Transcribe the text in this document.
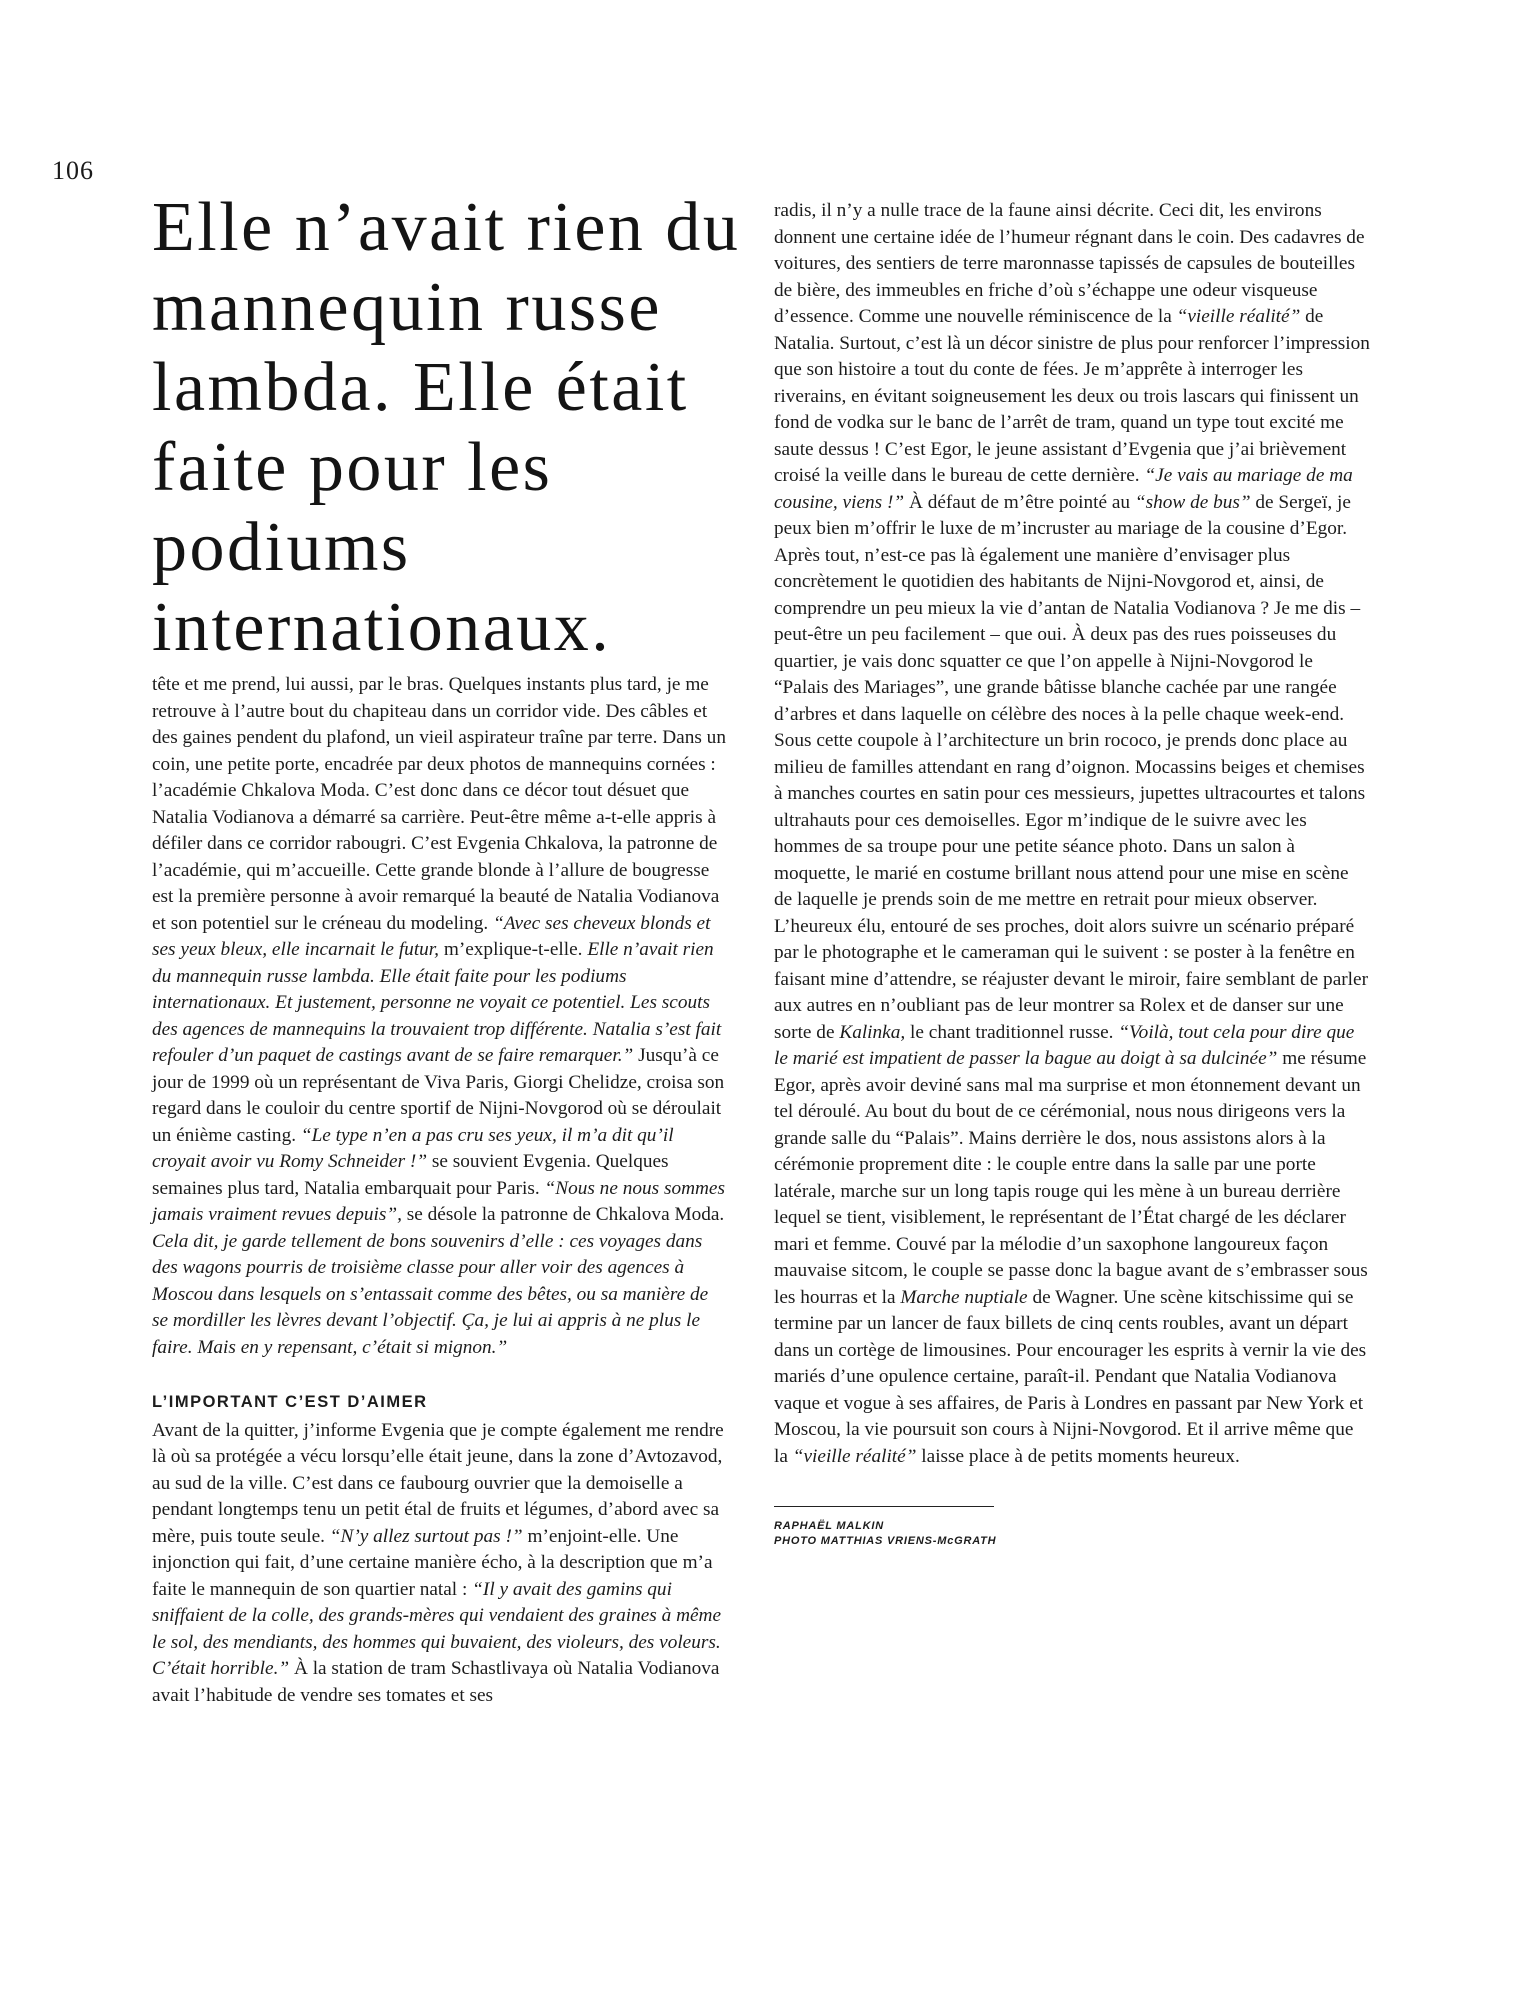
106
Elle n’avait rien du mannequin russe lambda. Elle était faite pour les podiums internationaux.

tête et me prend, lui aussi, par le bras. Quelques instants plus tard, je me retrouve à l’autre bout du chapiteau dans un corridor vide. Des câbles et des gaines pendent du plafond, un vieil aspirateur traîne par terre. Dans un coin, une petite porte, encadrée par deux photos de mannequins cornées : l’académie Chkalova Moda. C’est donc dans ce décor tout désuet que Natalia Vodianova a démarré sa carrière. Peut-être même a-t-elle appris à défiler dans ce corridor rabougri. C’est Evgenia Chkalova, la patronne de l’académie, qui m’accueille. Cette grande blonde à l’allure de bougresse est la première personne à avoir remarqué la beauté de Natalia Vodianova et son potentiel sur le créneau du modeling. “Avec ses cheveux blonds et ses yeux bleux, elle incarnait le futur, m’explique-t-elle. Elle n’avait rien du mannequin russe lambda. Elle était faite pour les podiums internationaux. Et justement, personne ne voyait ce potentiel. Les scouts des agences de mannequins la trouvaient trop différente. Natalia s’est fait refouler d’un paquet de castings avant de se faire remarquer.” Jusqu’à ce jour de 1999 où un représentant de Viva Paris, Giorgi Chelidze, croisa son regard dans le couloir du centre sportif de Nijni-Novgorod où se déroulait un énième casting. “Le type n’en a pas cru ses yeux, il m’a dit qu’il croyait avoir vu Romy Schneider !” se souvient Evgenia. Quelques semaines plus tard, Natalia embarquait pour Paris. “Nous ne nous sommes jamais vraiment revues depuis”, se désole la patronne de Chkalova Moda. Cela dit, je garde tellement de bons souvenirs d’elle : ces voyages dans des wagons pourris de troisième classe pour aller voir des agences à Moscou dans lesquels on s’entassait comme des bêtes, ou sa manière de se mordiller les lèvres devant l’objectif. Ça, je lui ai appris à ne plus le faire. Mais en y repensant, c’était si mignon.”

L’IMPORTANT C’EST D’AIMER

Avant de la quitter, j’informe Evgenia que je compte également me rendre là où sa protégée a vécu lorsqu’elle était jeune, dans la zone d’Avtozavod, au sud de la ville. C’est dans ce faubourg ouvrier que la demoiselle a pendant longtemps tenu un petit étal de fruits et légumes, d’abord avec sa mère, puis toute seule. “N’y allez surtout pas !” m’enjoint-elle. Une injonction qui fait, d’une certaine manière écho, à la description que m’a faite le mannequin de son quartier natal : “Il y avait des gamins qui sniffaient de la colle, des grands-mères qui vendaient des graines à même le sol, des mendiants, des hommes qui buvaient, des violeurs, des voleurs. C’était horrible.” À la station de tram Schastlivaya où Natalia Vodianova avait l’habitude de vendre ses tomates et ses

radis, il n’y a nulle trace de la faune ainsi décrite. Ceci dit, les environs donnent une certaine idée de l’humeur régnant dans le coin. Des cadavres de voitures, des sentiers de terre maronnasse tapissés de capsules de bouteilles de bière, des immeubles en friche d’où s’échappe une odeur visqueuse d’essence. Comme une nouvelle réminiscence de la “vieille réalité” de Natalia. Surtout, c’est là un décor sinistre de plus pour renforcer l’impression que son histoire a tout du conte de fées. Je m’apprête à interroger les riverains, en évitant soigneusement les deux ou trois lascars qui finissent un fond de vodka sur le banc de l’arrêt de tram, quand un type tout excité me saute dessus ! C’est Egor, le jeune assistant d’Evgenia que j’ai brièvement croisé la veille dans le bureau de cette dernière. “Je vais au mariage de ma cousine, viens !” À défaut de m’être pointé au “show de bus” de Sergeï, je peux bien m’offrir le luxe de m’incruster au mariage de la cousine d’Egor. Après tout, n’est-ce pas là également une manière d’envisager plus concrètement le quotidien des habitants de Nijni-Novgorod et, ainsi, de comprendre un peu mieux la vie d’antan de Natalia Vodianova ? Je me dis – peut-être un peu facilement – que oui. À deux pas des rues poisseuses du quartier, je vais donc squatter ce que l’on appelle à Nijni-Novgorod le “Palais des Mariages”, une grande bâtisse blanche cachée par une rangée d’arbres et dans laquelle on célèbre des noces à la pelle chaque week-end. Sous cette coupole à l’architecture un brin rococo, je prends donc place au milieu de familles attendant en rang d’oignon. Mocassins beiges et chemises à manches courtes en satin pour ces messieurs, jupettes ultracourtes et talons ultrahauts pour ces demoiselles. Egor m’indique de le suivre avec les hommes de sa troupe pour une petite séance photo. Dans un salon à moquette, le marié en costume brillant nous attend pour une mise en scène de laquelle je prends soin de me mettre en retrait pour mieux observer. L’heureux élu, entouré de ses proches, doit alors suivre un scénario préparé par le photographe et le cameraman qui le suivent : se poster à la fenêtre en faisant mine d’attendre, se réajuster devant le miroir, faire semblant de parler aux autres en n’oubliant pas de leur montrer sa Rolex et de danser sur une sorte de Kalinka, le chant traditionnel russe. “Voilà, tout cela pour dire que le marié est impatient de passer la bague au doigt à sa dulcinée” me résume Egor, après avoir deviné sans mal ma surprise et mon étonnement devant un tel déroulé. Au bout du bout de ce cérémonial, nous nous dirigeons vers la grande salle du “Palais”. Mains derrière le dos, nous assistons alors à la cérémonie proprement dite : le couple entre dans la salle par une porte latérale, marche sur un long tapis rouge qui les mène à un bureau derrière lequel se tient, visiblement, le représentant de l’État chargé de les déclarer mari et femme. Couvé par la mélodie d’un saxophone langoureux façon mauvaise sitcom, le couple se passe donc la bague avant de s’embrasser sous les hourras et la Marche nuptiale de Wagner. Une scène kitschissime qui se termine par un lancer de faux billets de cinq cents roubles, avant un départ dans un cortège de limousines. Pour encourager les esprits à vernir la vie des mariés d’une opulence certaine, paraît-il. Pendant que Natalia Vodianova vaque et vogue à ses affaires, de Paris à Londres en passant par New York et Moscou, la vie poursuit son cours à Nijni-Novgorod. Et il arrive même que la “vieille réalité” laisse place à de petits moments heureux.

RAPHAËL MALKIN
PHOTO MATTHIAS VRIENS-McGRATH
